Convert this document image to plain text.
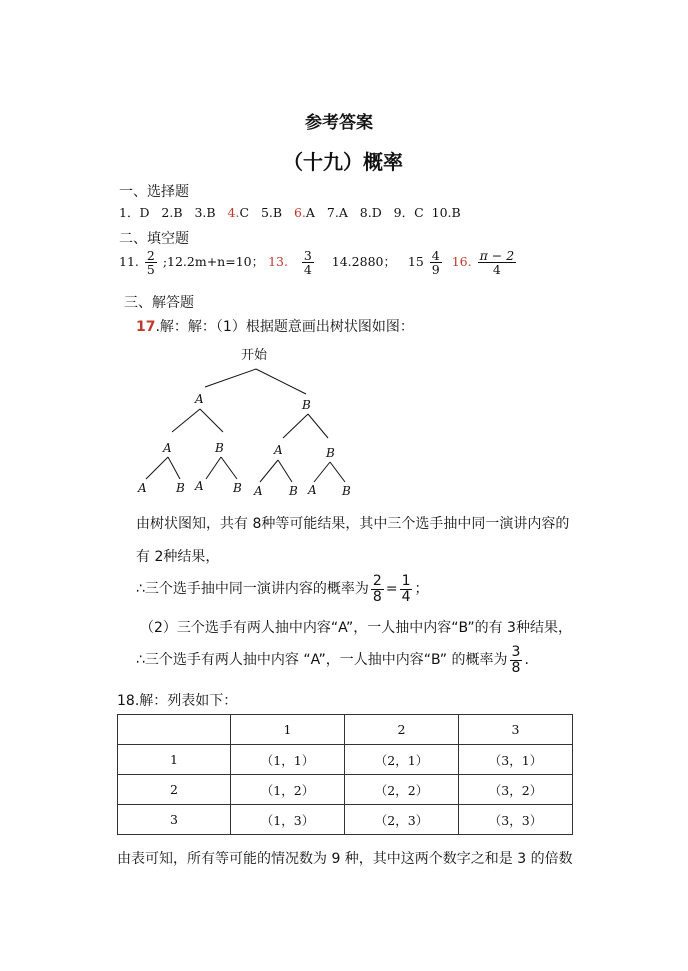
参考答案
（十九）概率
一、选择题
1．D 2.B 3.B 4.C 5.B 6.A 7.A 8.D 9．C 10.B
二、填空题
11. $\frac{2}{5}$ ;12.2m+n=10； 13. $\frac{3}{4} 14.2880$； $15 \frac{4}{9} 16$. $\frac{\pi - 2}{4}$
三、解答题
17.解：解：（1）根据题意画出树状图如图：
开始
A	B
A	B	A	B
A B A B A B A B
由树状图知，共有 8种等可能结果，其中三个选手抽中同一演讲内容的
有 2种结果，
∴三个选手抽中同一演讲内容的概率为 $\frac{2}{8} = \frac{1}{4}$ ；
（2）三个选手有两人抽中内容“A”，一人抽中内容“B”的有 3种结果，
∴三个选手有两人抽中内容 “A”，一人抽中内容“B” 的概率为 $\frac{3}{8}$ .
18.解：列表如下：
	1	2	3
1	（1，1）	（2，1）	（3，1）
2	（1，2）	（2，2）	（3，2）
3	（1，3）	（2，3）	（3，3）
由表可知，所有等可能的情况数为 9 种，其中这两个数字之和是 3 的倍数
